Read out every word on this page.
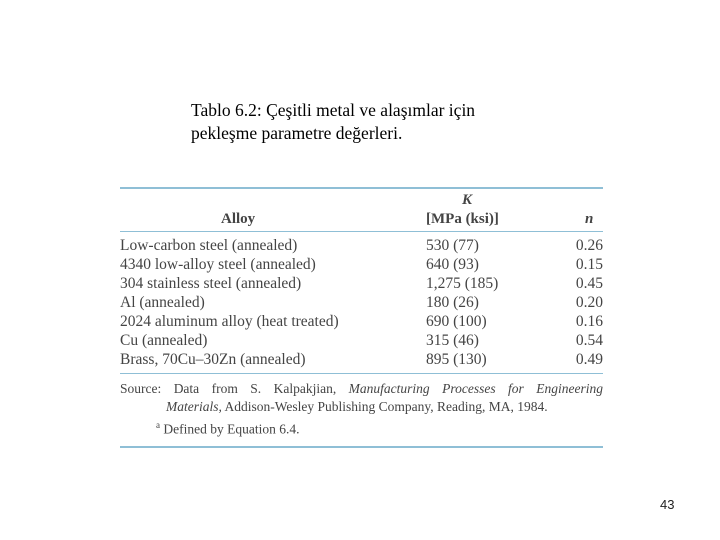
Tablo 6.2: Çeşitli metal ve alaşımlar için
pekleşme parametre değerleri.
K
Alloy	[MPa (ksi)]	n
Low-carbon steel (annealed)	530 (77)	0.26
4340 low-alloy steel (annealed)	640 (93)	0.15
304 stainless steel (annealed)	1,275 (185)	0.45
Al (annealed)	180 (26)	0.20
2024 aluminum alloy (heat treated)	690 (100)	0.16
Cu (annealed)	315 (46)	0.54
Brass, 70Cu–30Zn (annealed)	895 (130)	0.49
Source: Data from S. Kalpakjian, Manufacturing Processes for Engineering
Materials, Addison-Wesley Publishing Company, Reading, MA, 1984.
$^a$ Defined by Equation 6.4.
43
